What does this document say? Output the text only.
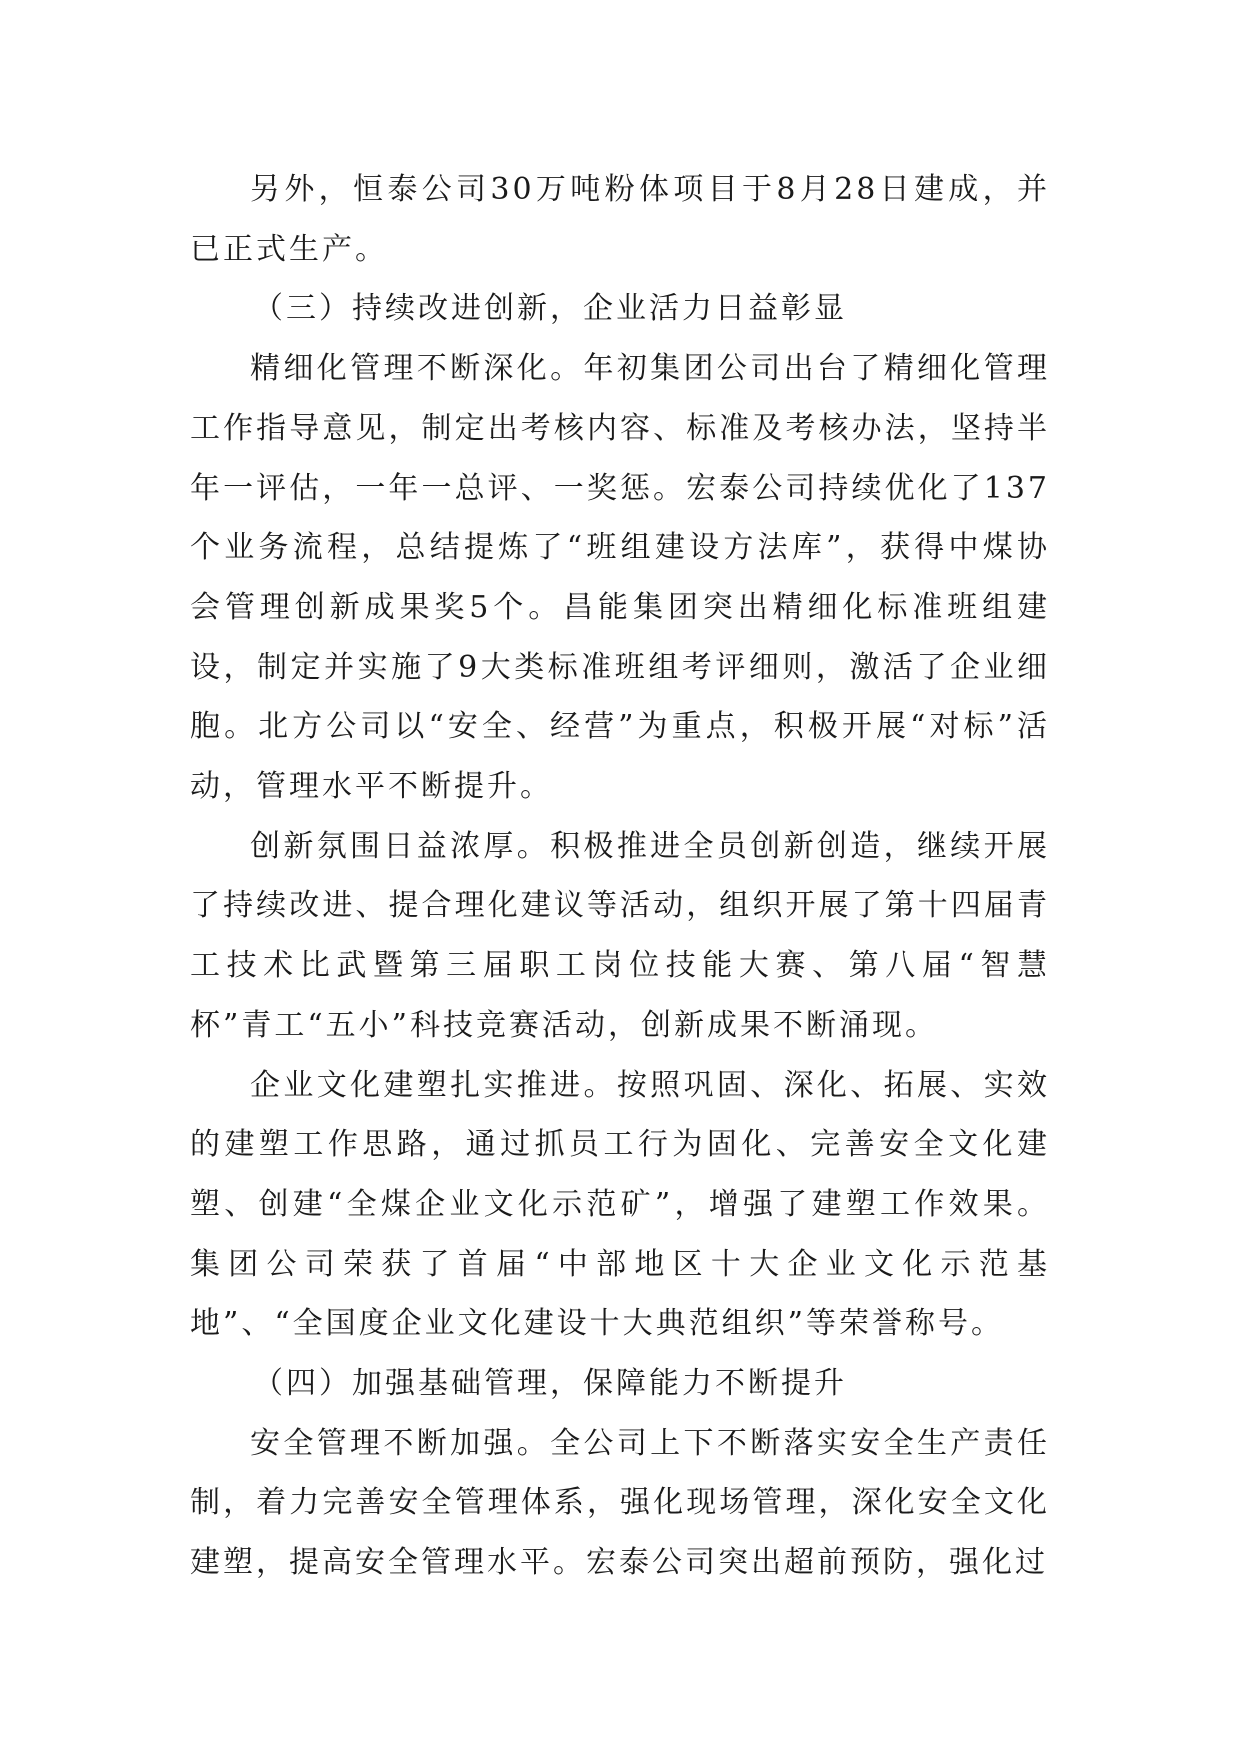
另外，恒泰公司30万吨粉体项目于8月28日建成，并已正式生产。

（三）持续改进创新，企业活力日益彰显

精细化管理不断深化。年初集团公司出台了精细化管理工作指导意见，制定出考核内容、标准及考核办法，坚持半年一评估，一年一总评、一奖惩。宏泰公司持续优化了137个业务流程，总结提炼了“班组建设方法库”，获得中煤协会管理创新成果奖5个。昌能集团突出精细化标准班组建设，制定并实施了9大类标准班组考评细则，激活了企业细胞。北方公司以“安全、经营”为重点，积极开展“对标”活动，管理水平不断提升。

创新氛围日益浓厚。积极推进全员创新创造，继续开展了持续改进、提合理化建议等活动，组织开展了第十四届青工技术比武暨第三届职工岗位技能大赛、第八届“智慧杯”青工“五小”科技竞赛活动，创新成果不断涌现。

企业文化建塑扎实推进。按照巩固、深化、拓展、实效的建塑工作思路，通过抓员工行为固化、完善安全文化建塑、创建“全煤企业文化示范矿”，增强了建塑工作效果。集团公司荣获了首届“中部地区十大企业文化示范基地”、“全国度企业文化建设十大典范组织”等荣誉称号。

（四）加强基础管理，保障能力不断提升

安全管理不断加强。全公司上下不断落实安全生产责任制，着力完善安全管理体系，强化现场管理，深化安全文化建塑，提高安全管理水平。宏泰公司突出超前预防，强化过
